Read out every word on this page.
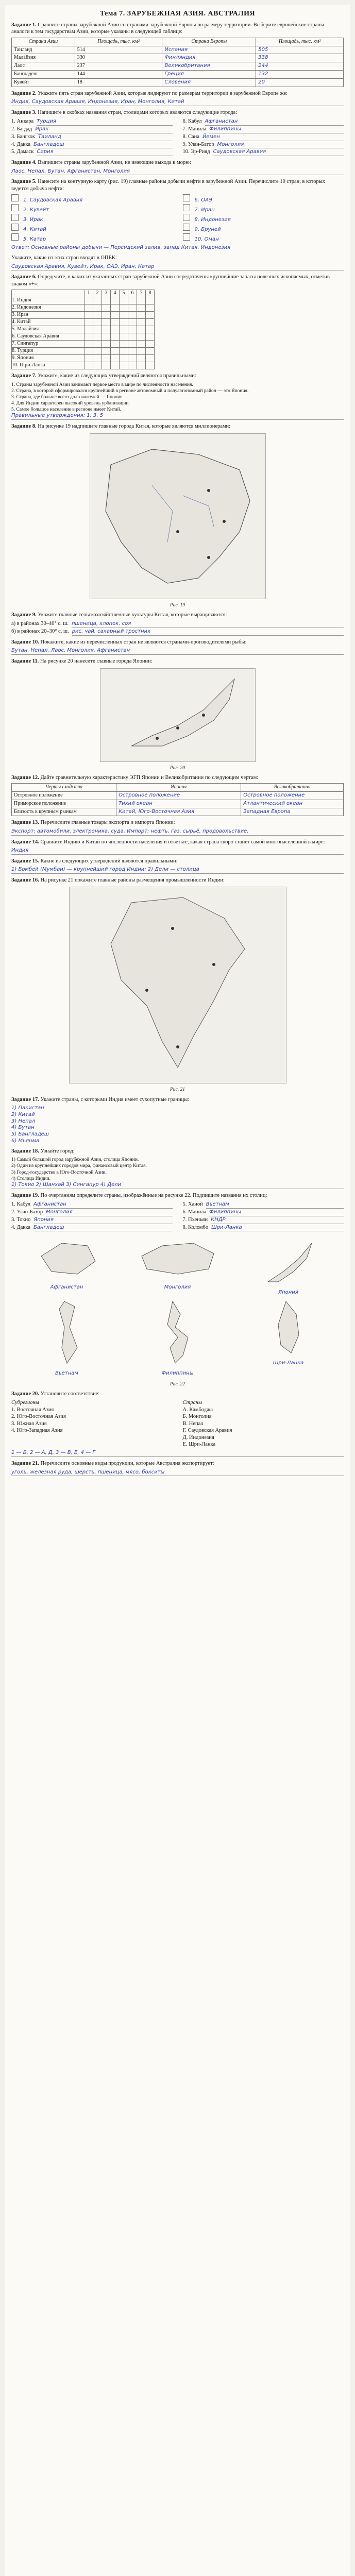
Тема 7. ЗАРУБЕЖНАЯ АЗИЯ. АВСТРАЛИЯ
Задание 1. Сравните страны зарубежной Азии со странами зарубежной Европы по размеру территории. Выберите европейские страны-аналоги к тем государствам Азии, которые указаны в следующей таблице:
Страна Азии	Площадь, тыс. км²	Страна Европы	Площадь, тыс. км²
Таиланд	514	Испания	505
Малайзия	330	Финляндия	338
Лаос	237	Великобритания	244
Бангладеш	144	Греция	132
Кувейт	18	Словения	20
Задание 2. Укажите пять стран зарубежной Азии, которые лидируют по размерам территории в зарубежной Европе же:
Индия, Саудовская Аравия, Индонезия, Иран, Монголия, Китай
Задание 3. Напишите в скобках названия стран, столицами которых являются следующие города:
1. Анкара Турция
2. Багдад Ирак
3. Бангкок Таиланд
4. Дакка Бангладеш
5. Дамаск Сирия
6. Кабул Афганистан
7. Манила Филиппины
8. Сана Йемен
9. Улан-Батор Монголия
10. Эр-Рияд Саудовская Аравия
Задание 4. Выпишите страны зарубежной Азии, не имеющие выхода к морю:
Лаос, Непал, Бутан, Афганистан, Монголия
Задание 5. Нанесите на контурную карту (рис. 19) главные районы добычи нефти в зарубежной Азии. Перечислите 10 стран, в которых ведется добыча нефти:
1. Саудовская Аравия
2. Кувейт
3. Ирак
4. Китай
5. Катар
6. ОАЭ
7. Иран
8. Индонезия
9. Бруней
10. Оман
Ответ: Основные районы добычи — Персидский залив, запад Китая, Индонезия
Укажите, какие из этих стран входят в ОПЕК:
Саудовская Аравия, Кувейт, Ирак, ОАЭ, Иран, Катар
Задание 6. Определите, в каких из указанных стран зарубежной Азии сосредоточены крупнейшие запасы полезных ископаемых, отметив знаком «+»:
	1	2	3	4	5	6	7	8
1. Индия								
2. Индонезия								
3. Иран								
4. Китай								
5. Малайзия								
6. Саудовская Аравия								
7. Сингапур								
8. Турция								
9. Япония								
10. Шри-Ланка								
Задание 7. Укажите, какие из следующих утверждений являются правильными:
1. Страны зарубежной Азии занимают первое место в мире по численности населения.
2. Страна, в которой сформировался крупнейший в регионе автономный и полуавтономный район — это Япония.
3. Страна, где больше всего долгожителей — Япония.
4. Для Индии характерен высокий уровень урбанизации.
5. Самое большое население в регионе имеет Китай.
Правильные утверждения: 1, 3, 5
Задание 8. На рисунке 19 надпишите главные города Китая, которые являются миллионерами:
Рис. 19
Задание 9. Укажите главные сельскохозяйственные культуры Китая, которые выращиваются:
а) в районах 30–40° с. ш. пшеница, хлопок, соя
б) в районах 20–30° с. ш. рис, чай, сахарный тростник
Задание 10. Покажите, какие из перечисленных стран не являются странами-производителями рыбы:
Бутан, Непал, Лаос, Монголия, Афганистан
Задание 11. На рисунке 20 нанесите главные города Японии:
Рис. 20
Задание 12. Дайте сравнительную характеристику ЭГП Японии и Великобритании по следующим чертам:
Черты сходства	Япония	Великобритания
Островное положение	Островное положение	Островное положение
Приморское положение	Тихий океан	Атлантический океан
Близость к крупным рынкам	Китай, Юго-Восточная Азия	Западная Европа
Задание 13. Перечислите главные товары экспорта и импорта Японии:
Экспорт: автомобили, электроника, суда. Импорт: нефть, газ, сырьё, продовольствие.
Задание 14. Сравните Индию и Китай по численности населения и ответьте, какая страна скоро станет самой многонаселённой в мире:
Индия
Задание 15. Какие из следующих утверждений являются правильными:
1) Бомбей (Мумбаи) — крупнейший город Индии; 2) Дели — столица
Задание 16. На рисунке 21 покажите главные районы размещения промышленности Индии:
Рис. 21
Задание 17. Укажите страны, с которыми Индия имеет сухопутные границы:
1) Пакистан
2) Китай
3) Непал
4) Бутан
5) Бангладеш
6) Мьянма
Задание 18. Узнайте город:
1) Самый большой город зарубежной Азии, столица Японии.
2) Один из крупнейших городов мира, финансовый центр Китая.
3) Город-государство в Юго-Восточной Азии.
4) Столица Индии.
1) Токио 2) Шанхай 3) Сингапур 4) Дели
Задание 19. По очертаниям определите страны, изображённые на рисунке 22. Подпишите названия их столиц:
1. Кабул Афганистан
2. Улан-Батор Монголия
3. Токио Япония
4. Дакка Бангладеш
5. Ханой Вьетнам
6. Манила Филиппины
7. Пхеньян КНДР
8. Коломбо Шри-Ланка
Афганистан	Монголия
Япония
Вьетнам	Филиппины
Шри-Ланка
Рис. 22
Задание 20. Установите соответствие:
Субрегионы
1. Восточная Азия
2. Юго-Восточная Азия
3. Южная Азия
4. Юго-Западная Азия
Страны
А. Камбоджа
Б. Монголия
В. Непал
Г. Саудовская Аравия
Д. Индонезия
Е. Шри-Ланка
1 — Б, 2 — А, Д, 3 — В, Е, 4 — Г
Задание 21. Перечислите основные виды продукции, которые Австралия экспортирует:
уголь, железная руда, шерсть, пшеница, мясо, бокситы
